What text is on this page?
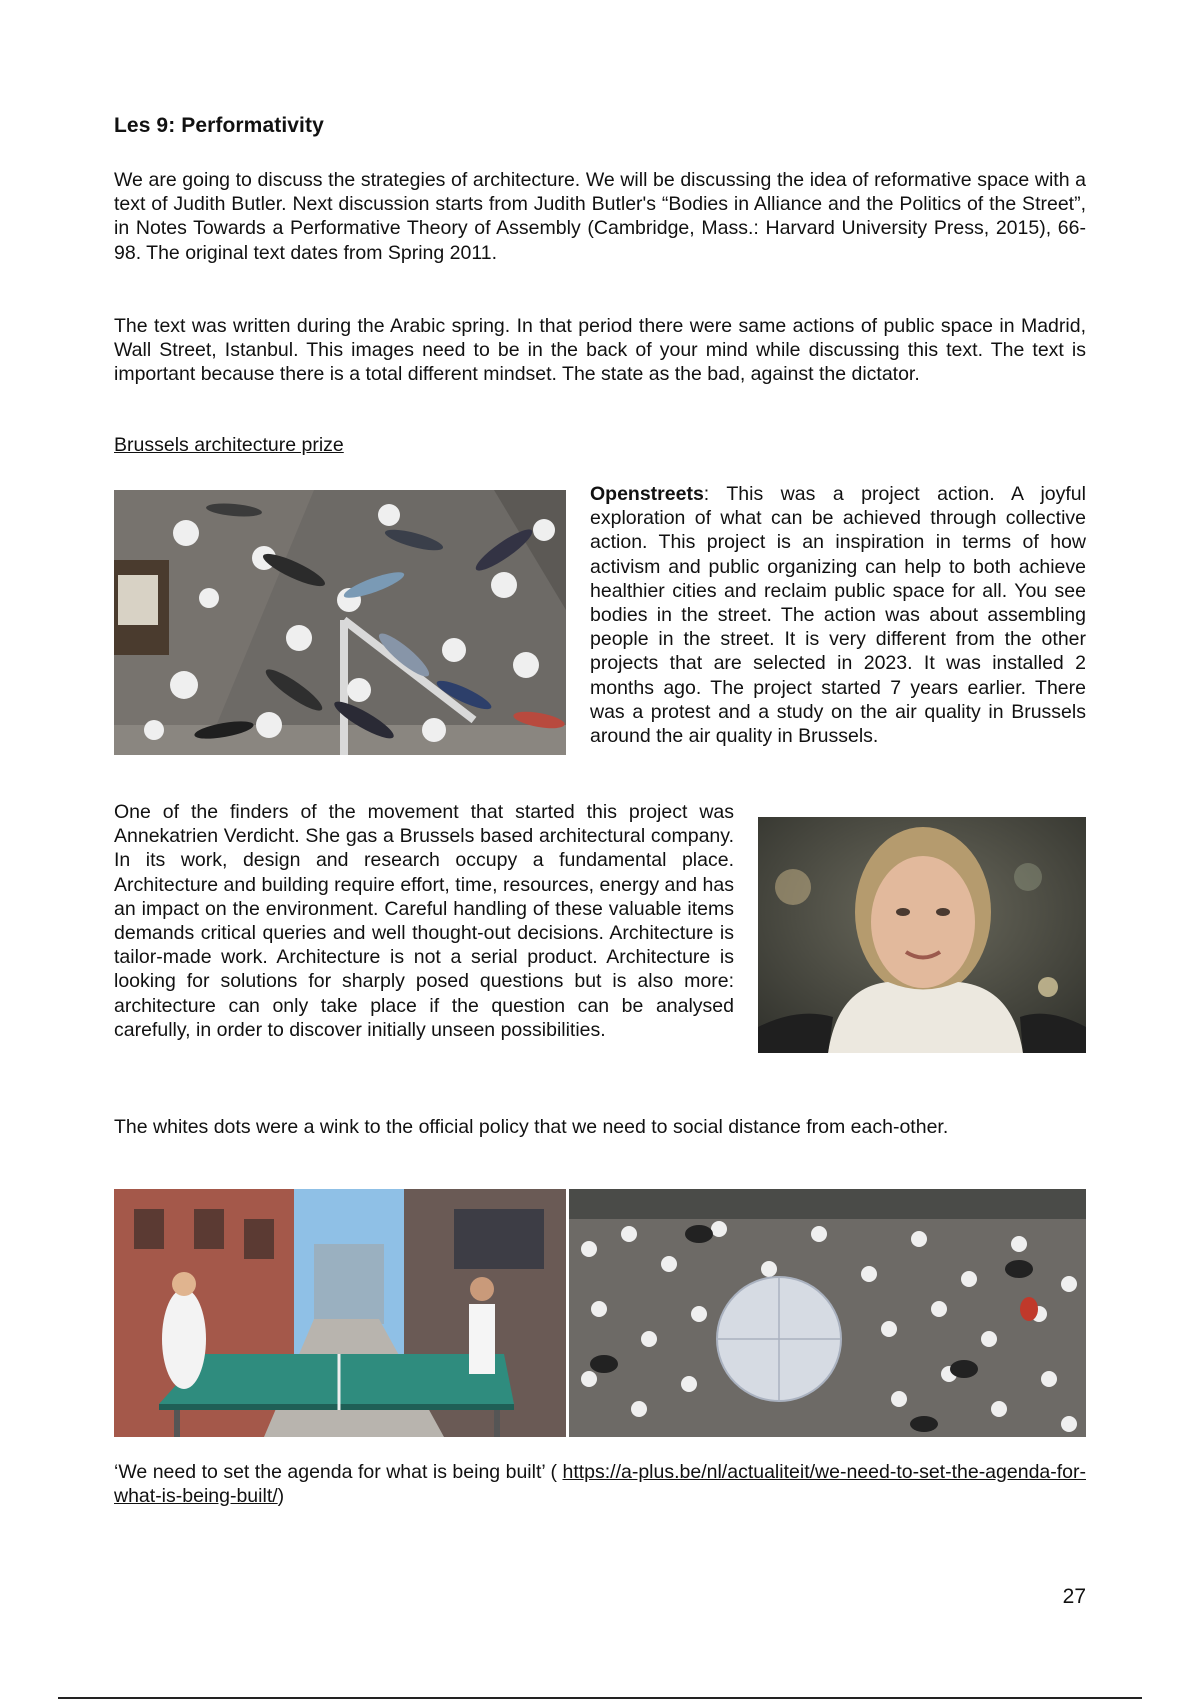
Les 9: Performativity

We are going to discuss the strategies of architecture. We will be discussing the idea of reformative space with a text of Judith Butler. Next discussion starts from Judith Butler's “Bodies in Alliance and the Politics of the Street”, in Notes Towards a Performative Theory of Assembly (Cambridge, Mass.: Harvard University Press, 2015), 66-98. The original text dates from Spring 2011.

The text was written during the Arabic spring. In that period there were same actions of public space in Madrid, Wall Street, Istanbul. This images need to be in the back of your mind while discussing this text. The text is important because there is a total different mindset. The state as the bad, against the dictator.

Brussels architecture prize

Openstreets: This was a project action. A joyful exploration of what can be achieved through collective action. This project is an inspiration in terms of how activism and public organizing can help to both achieve healthier cities and reclaim public space for all. You see bodies in the street. The action was about assembling people in the street. It is very different from the other projects that are selected in 2023. It was installed 2 months ago. The project started 7 years earlier. There was a protest and a study on the air quality in Brussels around the air quality in Brussels.

One of the finders of the movement that started this project was Annekatrien Verdicht. She gas a Brussels based architectural company. In its work, design and research occupy a fundamental place. Architecture and building require effort, time, resources, energy and has an impact on the environment. Careful handling of these valuable items demands critical queries and well thought-out decisions. Architecture is tailor-made work. Architecture is not a serial product. Architecture is looking for solutions for sharply posed questions but is also more: architecture can only take place if the question can be analysed carefully, in order to discover initially unseen possibilities.

The whites dots were a wink to the official policy that we need to social distance from each-other.

‘We need to set the agenda for what is being built’ ( https://a-plus.be/nl/actualiteit/we-need-to-set-the-agenda-for-what-is-being-built/)

27
